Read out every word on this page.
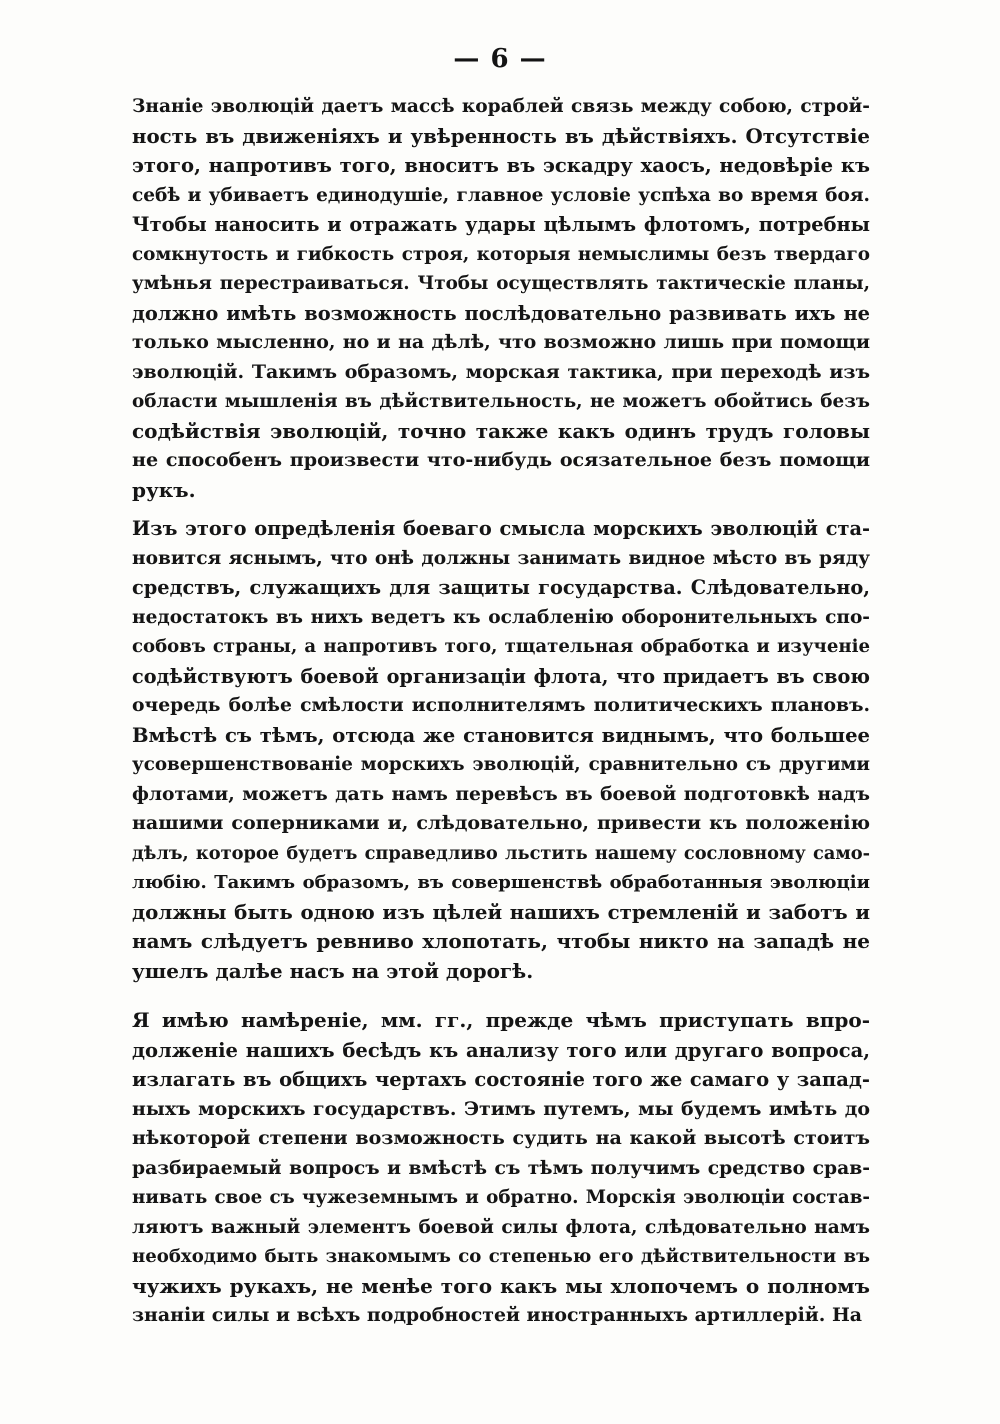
— 6 —
Знаніе эволюцій даетъ массѣ кораблей связь между собою, строй-
ность въ движеніяхъ и увѣренность въ дѣйствіяхъ. Отсутствіе
этого, напротивъ того, вноситъ въ эскадру хаосъ, недовѣріе къ
себѣ и убиваетъ единодушіе, главное условіе успѣха во время боя.
Чтобы наносить и отражать удары цѣлымъ флотомъ, потребны
сомкнутость и гибкость строя, которыя немыслимы безъ твердаго
умѣнья перестраиваться. Чтобы осуществлять тактическіе планы,
должно имѣть возможность послѣдовательно развивать ихъ не
только мысленно, но и на дѣлѣ, что возможно лишь при помощи
эволюцій. Такимъ образомъ, морская тактика, при переходѣ изъ
области мышленія въ дѣйствительность, не можетъ обойтись безъ
содѣйствія эволюцій, точно также какъ одинъ трудъ головы
не способенъ произвести что-нибудь осязательное безъ помощи
рукъ.
Изъ этого опредѣленія боеваго смысла морскихъ эволюцій ста-
новится яснымъ, что онѣ должны занимать видное мѣсто въ ряду
средствъ, служащихъ для защиты государства. Слѣдовательно,
недостатокъ въ нихъ ведетъ къ ослабленію оборонительныхъ спо-
собовъ страны, а напротивъ того, тщательная обработка и изученіе
содѣйствуютъ боевой организаціи флота, что придаетъ въ свою
очередь болѣе смѣлости исполнителямъ политическихъ плановъ.
Вмѣстѣ съ тѣмъ, отсюда же становится виднымъ, что большее
усовершенствованіе морскихъ эволюцій, сравнительно съ другими
флотами, можетъ дать намъ перевѣсъ въ боевой подготовкѣ надъ
нашими соперниками и, слѣдовательно, привести къ положенію
дѣлъ, которое будетъ справедливо льстить нашему сословному само-
любію. Такимъ образомъ, въ совершенствѣ обработанныя эволюціи
должны быть одною изъ цѣлей нашихъ стремленій и заботъ и
намъ слѣдуетъ ревниво хлопотать, чтобы никто на западѣ не
ушелъ далѣе насъ на этой дорогѣ.
Я имѣю намѣреніе, мм. гг., прежде чѣмъ приступать впро-
долженіе нашихъ бесѣдъ къ анализу того или другаго вопроса,
излагать въ общихъ чертахъ состояніе того же самаго у запад-
ныхъ морскихъ государствъ. Этимъ путемъ, мы будемъ имѣть до
нѣкоторой степени возможность судить на какой высотѣ стоитъ
разбираемый вопросъ и вмѣстѣ съ тѣмъ получимъ средство срав-
нивать свое съ чужеземнымъ и обратно. Морскія эволюціи состав-
ляютъ важный элементъ боевой силы флота, слѣдовательно намъ
необходимо быть знакомымъ со степенью его дѣйствительности въ
чужихъ рукахъ, не менѣе того какъ мы хлопочемъ о полномъ
знаніи силы и всѣхъ подробностей иностранныхъ артиллерій. На
